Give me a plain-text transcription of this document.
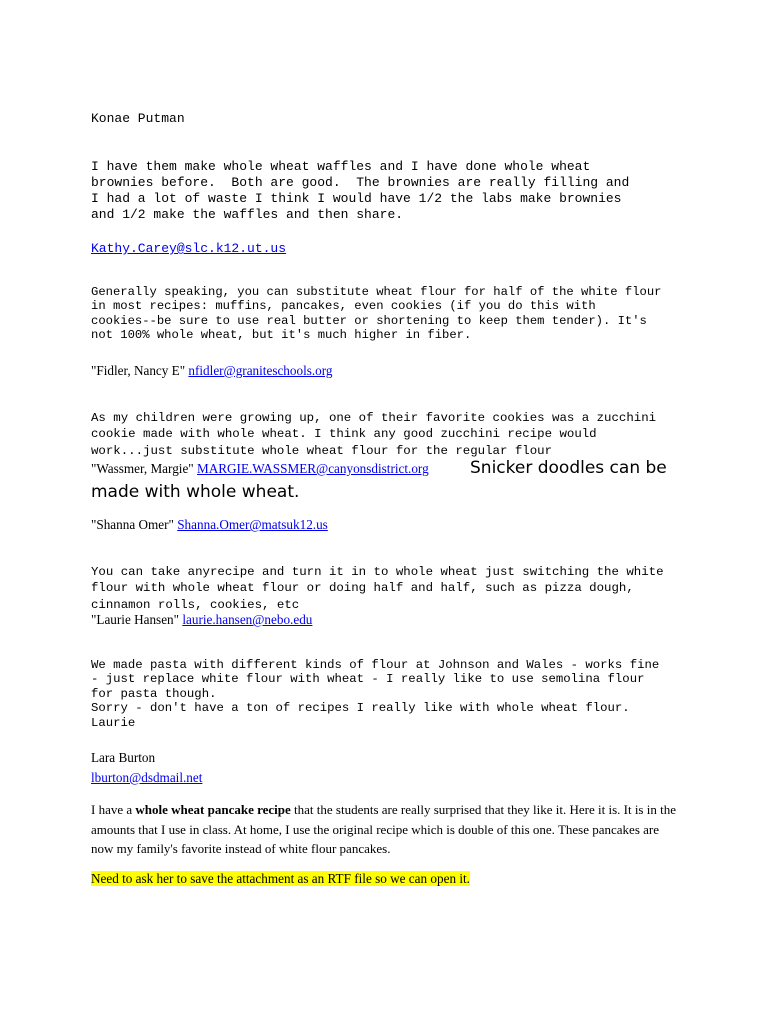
Konae Putman

I have them make whole wheat waffles and I have done whole wheat
brownies before.  Both are good.  The brownies are really filling and
I had a lot of waste I think I would have 1/2 the labs make brownies
and 1/2 make the waffles and then share.

Kathy.Carey@slc.k12.ut.us

Generally speaking, you can substitute wheat flour for half of the white flour
in most recipes: muffins, pancakes, even cookies (if you do this with
cookies--be sure to use real butter or shortening to keep them tender). It's
not 100% whole wheat, but it's much higher in fiber.

"Fidler, Nancy E" nfidler@graniteschools.org

As my children were growing up, one of their favorite cookies was a zucchini
cookie made with whole wheat. I think any good zucchini recipe would
work...just substitute whole wheat flour for the regular flour

"Wassmer, Margie" MARGIE.WASSMER@canyonsdistrict.org Snicker doodles can be
made with whole wheat.
"Shanna Omer" Shanna.Omer@matsuk12.us

You can take anyrecipe and turn it in to whole wheat just switching the white
flour with whole wheat flour or doing half and half, such as pizza dough,
cinnamon rolls, cookies, etc

"Laurie Hansen" laurie.hansen@nebo.edu

We made pasta with different kinds of flour at Johnson and Wales - works fine
- just replace white flour with wheat - I really like to use semolina flour
for pasta though.
Sorry - don't have a ton of recipes I really like with whole wheat flour.
Laurie

Lara Burton
lburton@dsdmail.net
I have a whole wheat pancake recipe that the students are really surprised that they like it. Here it is. It is in the amounts that I use in class. At home, I use the original recipe which is double of this one. These pancakes are now my family's favorite instead of white flour pancakes.
Need to ask her to save the attachment as an RTF file so we can open it.
